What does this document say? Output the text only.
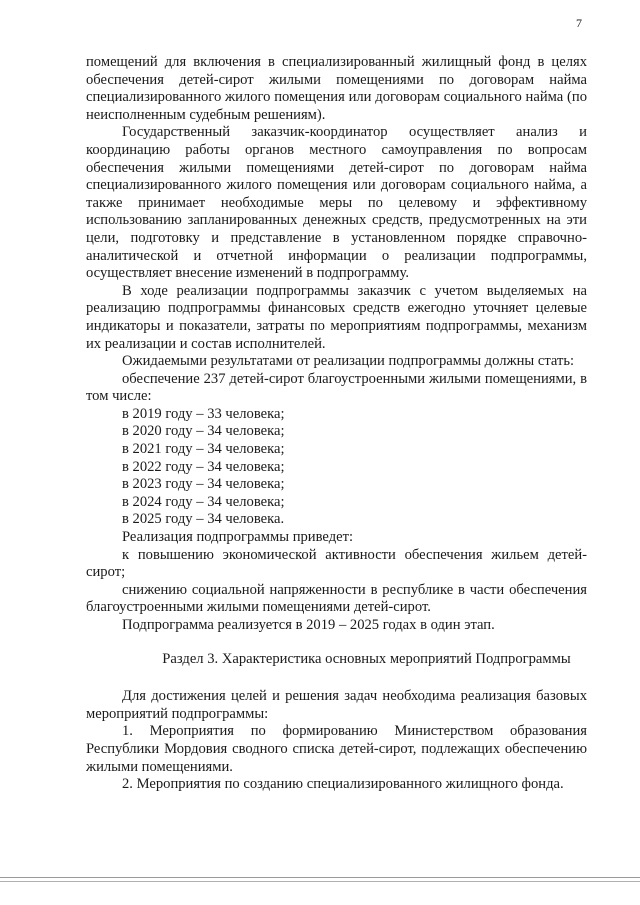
7

помещений для включения в специализированный жилищный фонд в целях обеспечения детей-сирот жилыми помещениями по договорам найма специализированного жилого помещения или договорам социального найма (по неисполненным судебным решениям).

Государственный заказчик-координатор осуществляет анализ и координацию работы органов местного самоуправления по вопросам обеспечения жилыми помещениями детей-сирот по договорам найма специализированного жилого помещения или договорам социального найма, а также принимает необходимые меры по целевому и эффективному использованию запланированных денежных средств, предусмотренных на эти цели, подготовку и представление в установленном порядке справочно-аналитической и отчетной информации о реализации подпрограммы, осуществляет внесение изменений в подпрограмму.

В ходе реализации подпрограммы заказчик с учетом выделяемых на реализацию подпрограммы финансовых средств ежегодно уточняет целевые индикаторы и показатели, затраты по мероприятиям подпрограммы, механизм их реализации и состав исполнителей.

Ожидаемыми результатами от реализации подпрограммы должны стать:

обеспечение 237 детей-сирот благоустроенными жилыми помещениями, в том числе:

в 2019 году – 33 человека;

в 2020 году – 34 человека;

в 2021 году – 34 человека;

в 2022 году – 34 человека;

в 2023 году – 34 человека;

в 2024 году – 34 человека;

в 2025 году – 34 человека.

Реализация подпрограммы приведет:

к повышению экономической активности обеспечения жильем детей-сирот;

снижению социальной напряженности в республике в части обеспечения благоустроенными жилыми помещениями детей-сирот.

Подпрограмма реализуется в 2019 – 2025 годах в один этап.

Раздел 3. Характеристика основных мероприятий Подпрограммы

Для достижения целей и решения задач необходима реализация базовых мероприятий подпрограммы:

1. Мероприятия по формированию Министерством образования Республики Мордовия сводного списка детей-сирот, подлежащих обеспечению жилыми помещениями.

2. Мероприятия по созданию специализированного жилищного фонда.
